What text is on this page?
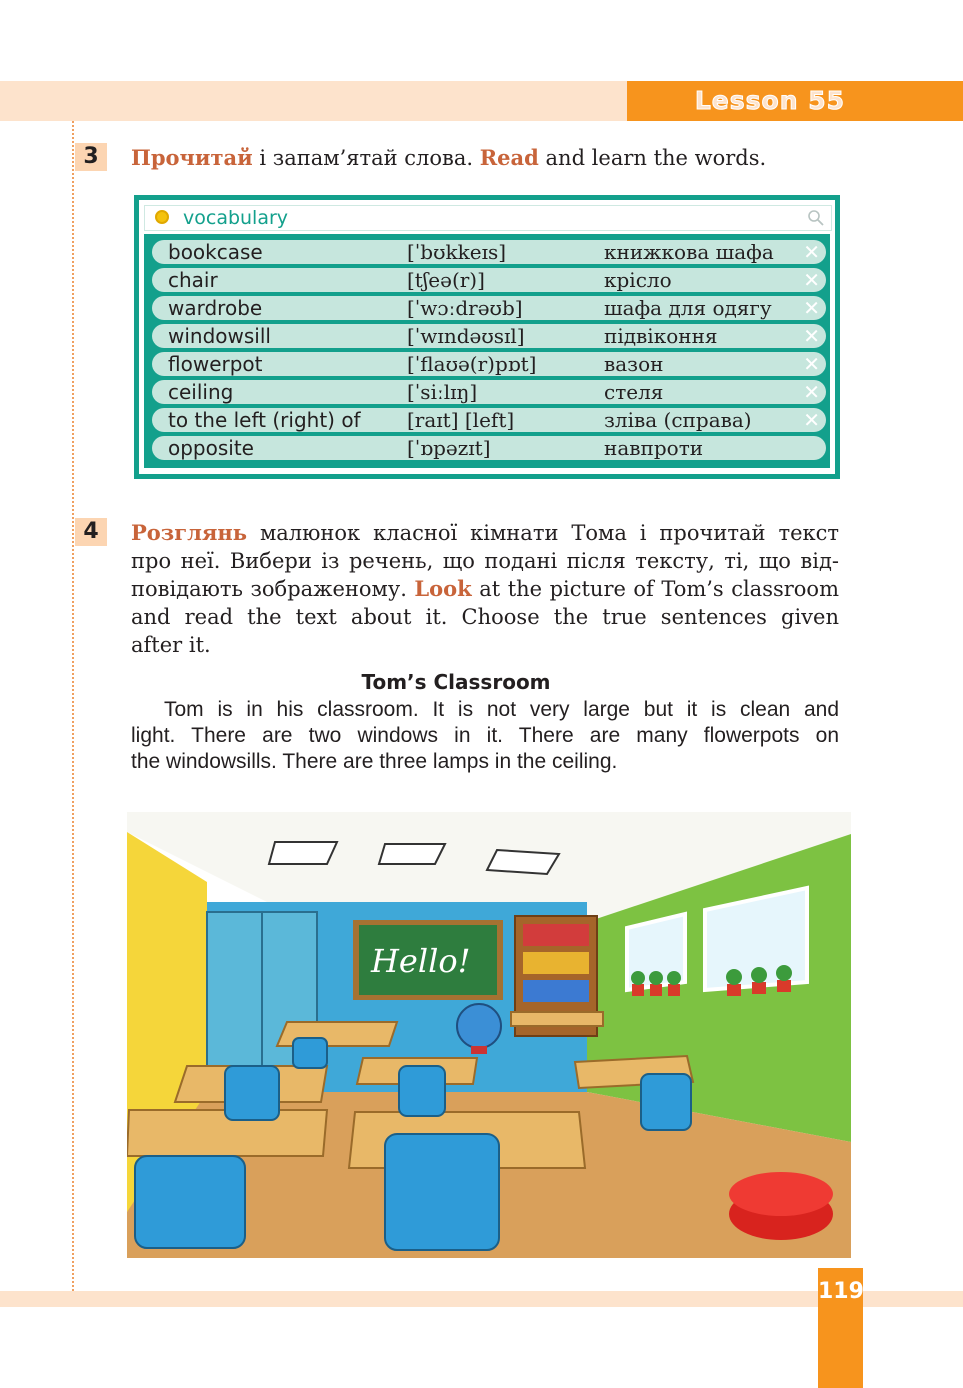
Lesson 55
3	Прочитай і запам’ятай слова. Read and learn the words.
vocabulary
bookcase	[ˈbʊkkeɪs]	книжкова шафа ✕
chair	[tʃeə(r)]	крісло	✕
wardrobe	[ˈwɔːdrəʊb]	шафа для одягу ✕
windowsill	[ˈwɪndəʊsɪl]	підвіконня	✕
flowerpot	[ˈflaʊə(r)pɒt]	вазон	✕
ceiling	[ˈsiːlɪŋ]	стеля	✕
to the left (right) of [raɪt] [left]	зліва (справа)	✕
opposite	[ˈɒpəzɪt]	навпроти
4	Розглянь малюнок класної кімнати Тома і прочитай текст
про неї. Вибери із речень, що подані після тексту, ті, що від-
повідають зображеному. Look at the picture of Tom’s classroom
and read the text about it. Choose the true sentences given
after it.
Tom’s Classroom
Tom is in his classroom. It is not very large but it is clean and
light. There are two windows in it. There are many flowerpots on
the windowsills. There are three lamps in the ceiling.
Hello!
119
